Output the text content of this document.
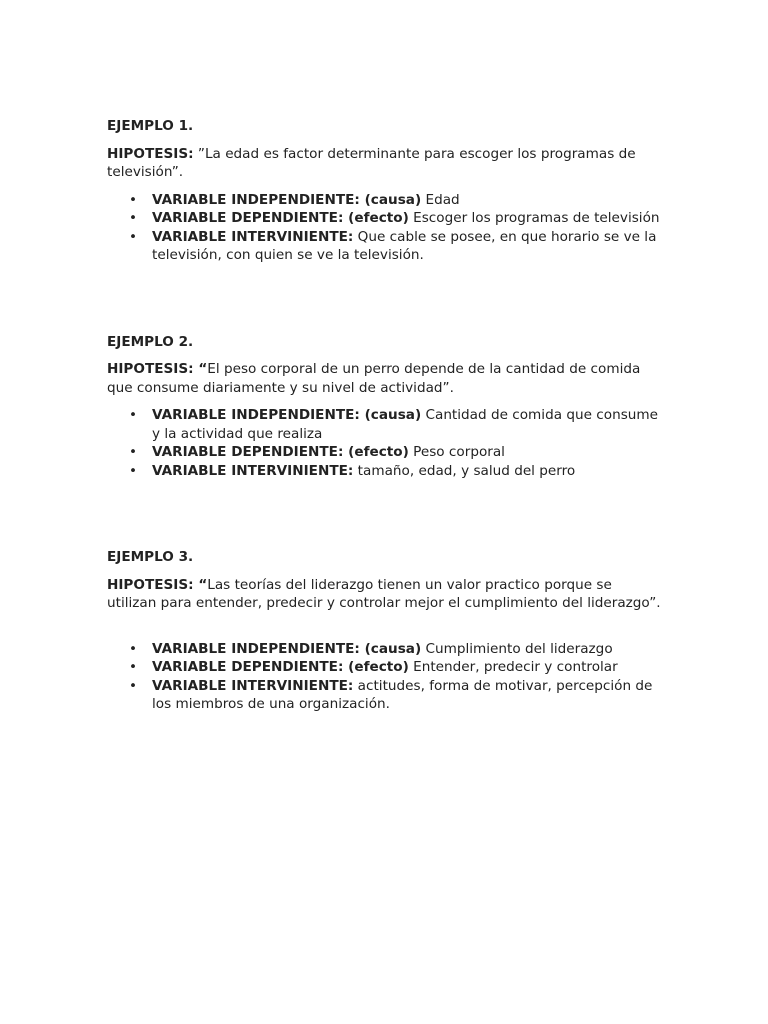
EJEMPLO 1.

HIPOTESIS: ”La edad es factor determinante para escoger los programas de televisión”.

• VARIABLE INDEPENDIENTE: (causa) Edad
• VARIABLE DEPENDIENTE: (efecto) Escoger los programas de televisión
• VARIABLE INTERVINIENTE: Que cable se posee, en que horario se ve la televisión, con quien se ve la televisión.

EJEMPLO 2.

HIPOTESIS: “El peso corporal de un perro depende de la cantidad de comida que consume diariamente y su nivel de actividad”.

• VARIABLE INDEPENDIENTE: (causa) Cantidad de comida que consume y la actividad que realiza
• VARIABLE DEPENDIENTE: (efecto) Peso corporal
• VARIABLE INTERVINIENTE: tamaño, edad, y salud del perro

EJEMPLO 3.

HIPOTESIS: “Las teorías del liderazgo tienen un valor practico porque se utilizan para entender, predecir y controlar mejor el cumplimiento del liderazgo”.

• VARIABLE INDEPENDIENTE: (causa) Cumplimiento del liderazgo
• VARIABLE DEPENDIENTE: (efecto) Entender, predecir y controlar
• VARIABLE INTERVINIENTE: actitudes, forma de motivar, percepción de los miembros de una organización.
